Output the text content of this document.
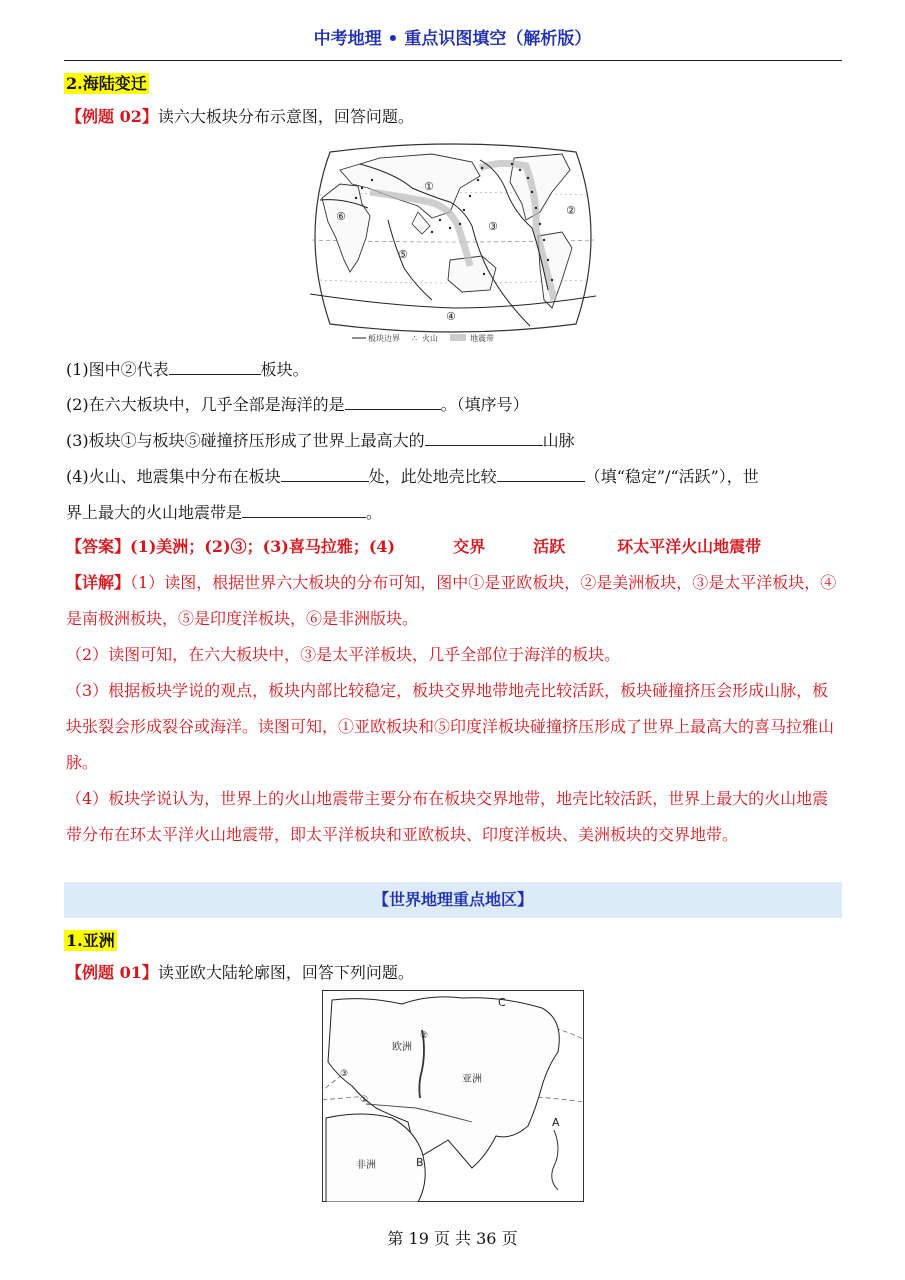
中考地理 • 重点识图填空（解析版）
2.海陆变迁
【例题 02】读六大板块分布示意图，回答问题。
①
②
③
④
⑤
⑥
板块边界 ∴ 火山	地震带
(1)图中②代表	板块。
(2)在六大板块中，几乎全部是海洋的是	。（填序号）
(3)板块①与板块⑤碰撞挤压形成了世界上最高大的	山脉
(4)火山、地震集中分布在板块	处，此处地壳比较	（填“稳定”/“活跃”），世
界上最大的火山地震带是	。
【答案】(1)美洲；(2)③；(3)喜马拉雅；(4)	交界	活跃	环太平洋火山地震带
【详解】（1）读图，根据世界六大板块的分布可知，图中①是亚欧板块，②是美洲板块，③是太平洋板块，④是南极洲板块，⑤是印度洋板块，⑥是非洲版块。
（2）读图可知，在六大板块中，③是太平洋板块，几乎全部位于海洋的板块。
（3）根据板块学说的观点，板块内部比较稳定，板块交界地带地壳比较活跃，板块碰撞挤压会形成山脉，板块张裂会形成裂谷或海洋。读图可知，①亚欧板块和⑤印度洋板块碰撞挤压形成了世界上最高大的喜马拉雅山脉。
（4）板块学说认为，世界上的火山地震带主要分布在板块交界地带，地壳比较活跃，世界上最大的火山地震带分布在环太平洋火山地震带，即太平洋板块和亚欧板块、印度洋板块、美洲板块的交界地带。
【世界地理重点地区】
1.亚洲
【例题 01】读亚欧大陆轮廓图，回答下列问题。
欧洲
亚洲
非洲	B
A
C
②
③
①
第 19 页 共 36 页
